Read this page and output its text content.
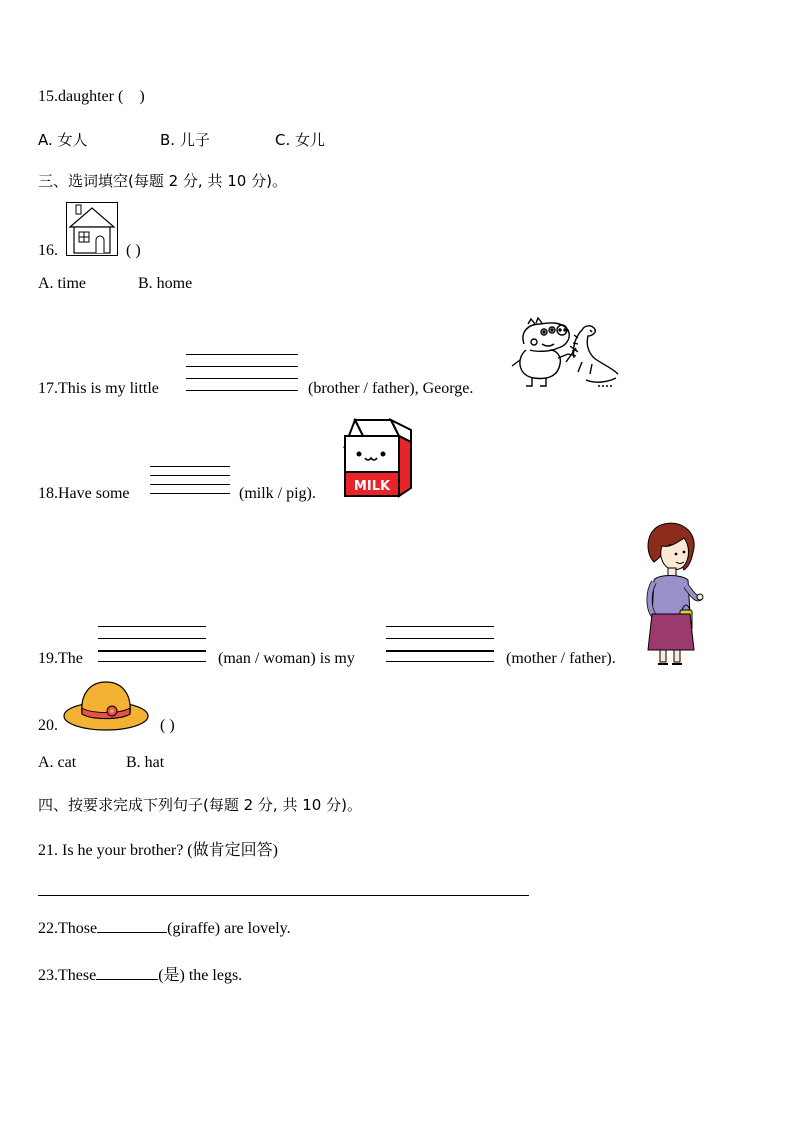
15.daughter ( )
A. 女人	B. 儿子	C. 女儿
三、选词填空(每题 2 分, 共 10 分)。
16.	( )
A. time	B. home
17.This is my little	(brother / father), George.
18.Have some	(milk / pig).	MILK
19.The	(man / woman) is my	(mother / father).
20.	( )
A. cat	B. hat
四、按要求完成下列句子(每题 2 分, 共 10 分)。
21. Is he your brother? (做肯定回答)
22.Those	(giraffe) are lovely.
23.These	(是) the legs.
